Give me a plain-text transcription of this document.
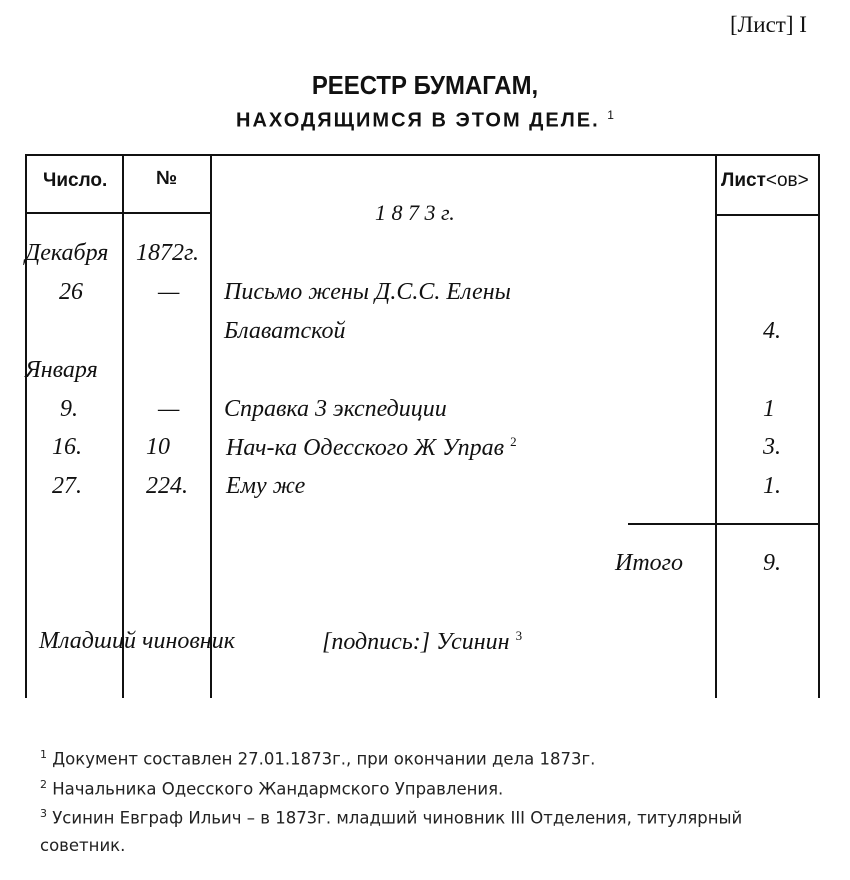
[Лист] I
РЕЕСТР БУМАГАМ,
НАХОДЯЩИМСЯ В ЭТОМ ДЕЛЕ. $^1$
Число.	№	Лист<ов>
1 8 7 3 г.
Декабря 1872г.
26	— Письмо жены Д.С.С. Елены
Блаватской	4.
Января
9.	— Справка 3 экспедиции	1
16.	10 Нач-ка Одесского Ж Управ $^2$	3.
27.	224. Ему же	1.
Итого	9.
Младший чиновник	[подпись:] Усинин $^3$
$^1$ Документ составлен 27.01.1873г., при окончании дела 1873г.
$^2$ Начальника Одесского Жандармского Управления.
$^3$ Усинин Евграф Ильич – в 1873г. младший чиновник III Отделения, титулярный
советник.
